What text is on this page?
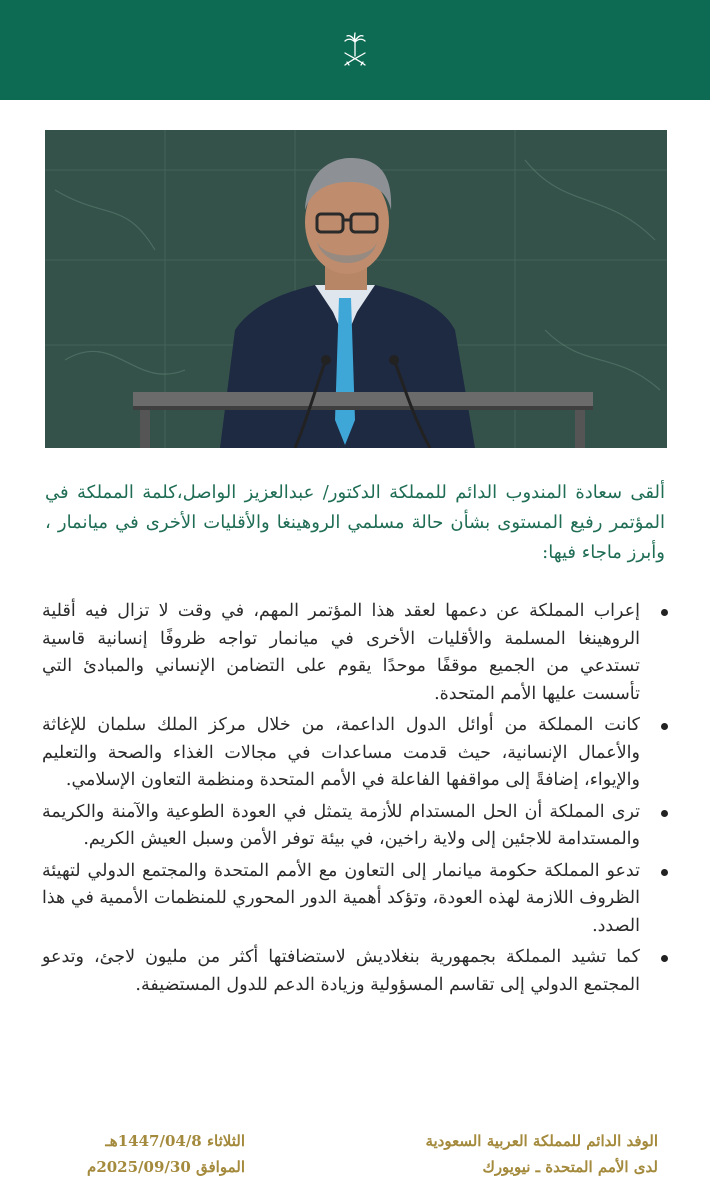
ألقى سعادة المندوب الدائم للمملكة الدكتور/ عبدالعزيز الواصل،كلمة المملكة في المؤتمر رفيع المستوى بشأن حالة مسلمي الروهينغا والأقليات الأخرى في ميانمار ، وأبرز ماجاء فيها:

إعراب المملكة عن دعمها لعقد هذا المؤتمر المهم، في وقت لا تزال فيه أقلية الروهينغا المسلمة والأقليات الأخرى في ميانمار تواجه ظروفًا إنسانية قاسية تستدعي من الجميع موقفًا موحدًا يقوم على التضامن الإنساني والمبادئ التي تأسست عليها الأمم المتحدة.
كانت المملكة من أوائل الدول الداعمة، من خلال مركز الملك سلمان للإغاثة والأعمال الإنسانية، حيث قدمت مساعدات في مجالات الغذاء والصحة والتعليم والإيواء، إضافةً إلى مواقفها الفاعلة في الأمم المتحدة ومنظمة التعاون الإسلامي.
ترى المملكة أن الحل المستدام للأزمة يتمثل في العودة الطوعية والآمنة والكريمة والمستدامة للاجئين إلى ولاية راخين، في بيئة توفر الأمن وسبل العيش الكريم.
تدعو المملكة حكومة ميانمار إلى التعاون مع الأمم المتحدة والمجتمع الدولي لتهيئة الظروف اللازمة لهذه العودة، وتؤكد أهمية الدور المحوري للمنظمات الأممية في هذا الصدد.
كما تشيد المملكة بجمهورية بنغلاديش لاستضافتها أكثر من مليون لاجئ، وتدعو المجتمع الدولي إلى تقاسم المسؤولية وزيادة الدعم للدول المستضيفة.
الوفد الدائم للمملكة العربية السعودية
لدى الأمم المتحدة ـ نيويورك
الثلاثاء 1447/04/8هـ
الموافق 2025/09/30م
